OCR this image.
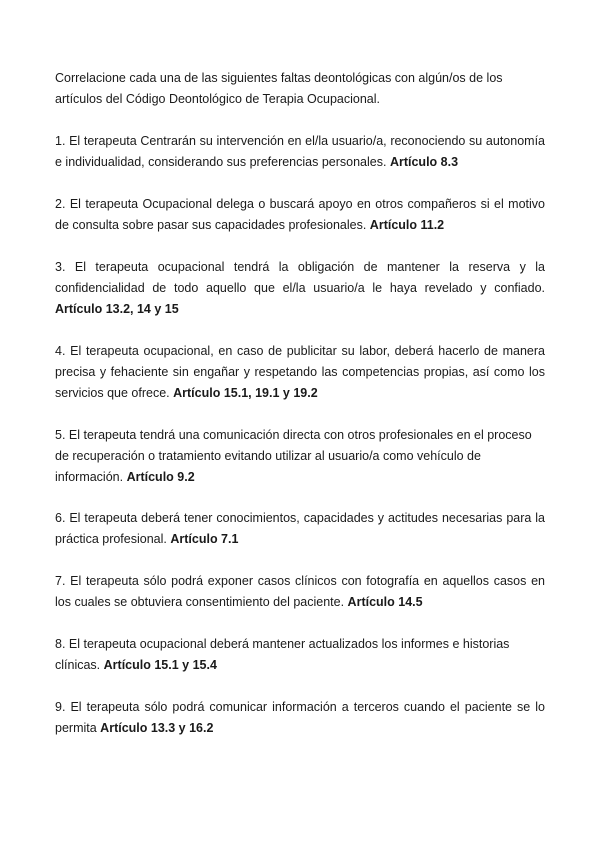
Correlacione cada una de las siguientes faltas deontológicas con algún/os de los artículos del Código Deontológico de Terapia Ocupacional.

1. El terapeuta Centrarán su intervención en el/la usuario/a, reconociendo su autonomía e individualidad, considerando sus preferencias personales. Artículo 8.3

2. El terapeuta Ocupacional delega o buscará apoyo en otros compañeros si el motivo de consulta sobre pasar sus capacidades profesionales. Artículo 11.2

3. El terapeuta ocupacional tendrá la obligación de mantener la reserva y la confidencialidad de todo aquello que el/la usuario/a le haya revelado y confiado. Artículo 13.2, 14 y 15

4. El terapeuta ocupacional, en caso de publicitar su labor, deberá hacerlo de manera precisa y fehaciente sin engañar y respetando las competencias propias, así como los servicios que ofrece. Artículo 15.1, 19.1 y 19.2

5. El terapeuta tendrá una comunicación directa con otros profesionales en el proceso de recuperación o tratamiento evitando utilizar al usuario/a como vehículo de información. Artículo 9.2

6. El terapeuta deberá tener conocimientos, capacidades y actitudes necesarias para la práctica profesional. Artículo 7.1

7. El terapeuta sólo podrá exponer casos clínicos con fotografía en aquellos casos en los cuales se obtuviera consentimiento del paciente. Artículo 14.5

8. El terapeuta ocupacional deberá mantener actualizados los informes e historias clínicas. Artículo 15.1 y 15.4

9. El terapeuta sólo podrá comunicar información a terceros cuando el paciente se lo permita Artículo 13.3 y 16.2
